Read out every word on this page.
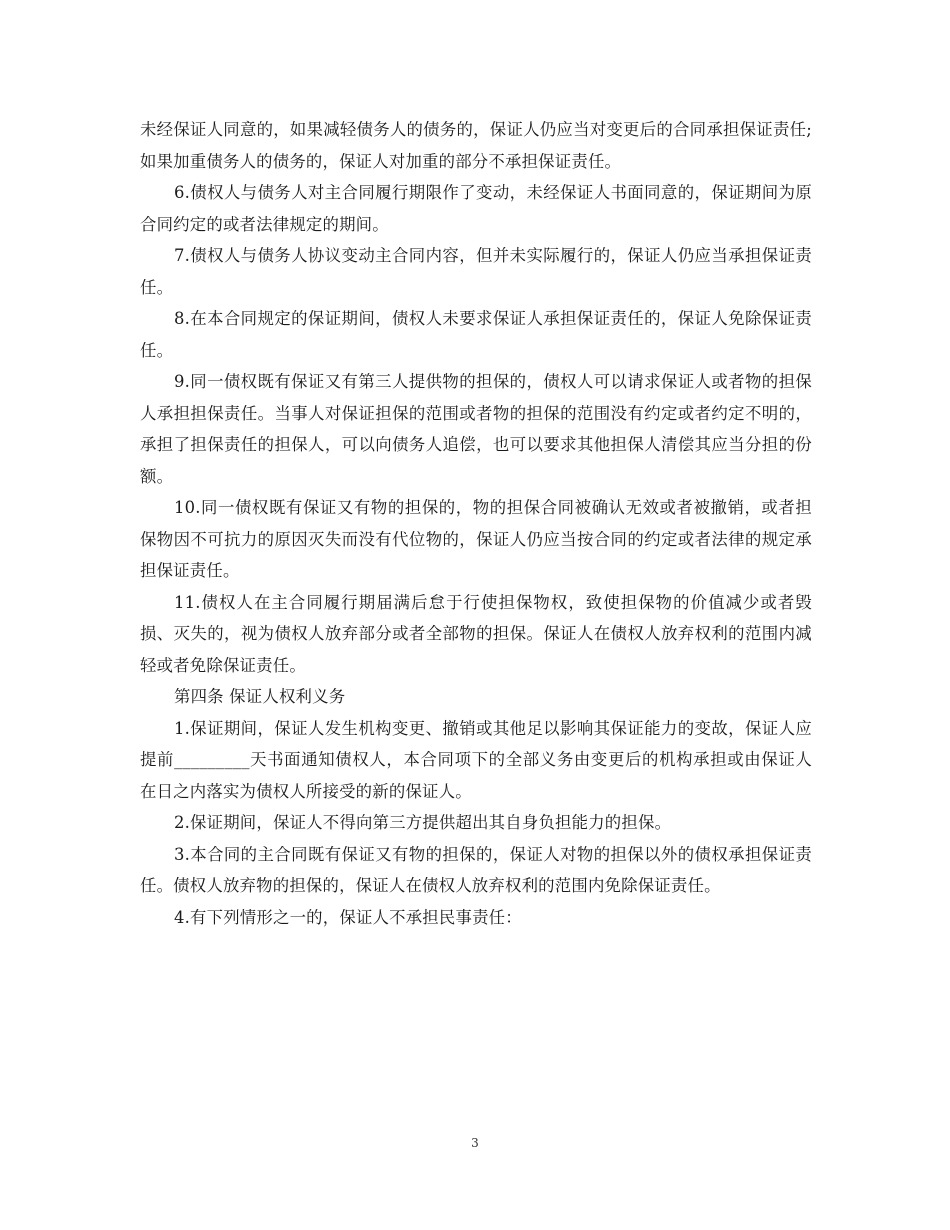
未经保证人同意的，如果减轻债务人的债务的，保证人仍应当对变更后的合同承担保证责任;如果加重债务人的债务的，保证人对加重的部分不承担保证责任。

6.债权人与债务人对主合同履行期限作了变动，未经保证人书面同意的，保证期间为原合同约定的或者法律规定的期间。

7.债权人与债务人协议变动主合同内容，但并未实际履行的，保证人仍应当承担保证责任。

8.在本合同规定的保证期间，债权人未要求保证人承担保证责任的，保证人免除保证责任。

9.同一债权既有保证又有第三人提供物的担保的，债权人可以请求保证人或者物的担保人承担担保责任。当事人对保证担保的范围或者物的担保的范围没有约定或者约定不明的，承担了担保责任的担保人，可以向债务人追偿，也可以要求其他担保人清偿其应当分担的份额。

10.同一债权既有保证又有物的担保的，物的担保合同被确认无效或者被撤销，或者担保物因不可抗力的原因灭失而没有代位物的，保证人仍应当按合同的约定或者法律的规定承担保证责任。

11.债权人在主合同履行期届满后怠于行使担保物权，致使担保物的价值减少或者毁损、灭失的，视为债权人放弃部分或者全部物的担保。保证人在债权人放弃权利的范围内减轻或者免除保证责任。

第四条 保证人权利义务

1.保证期间，保证人发生机构变更、撤销或其他足以影响其保证能力的变故，保证人应提前_________天书面通知债权人，本合同项下的全部义务由变更后的机构承担或由保证人在日之内落实为债权人所接受的新的保证人。

2.保证期间，保证人不得向第三方提供超出其自身负担能力的担保。

3.本合同的主合同既有保证又有物的担保的，保证人对物的担保以外的债权承担保证责任。债权人放弃物的担保的，保证人在债权人放弃权利的范围内免除保证责任。

4.有下列情形之一的，保证人不承担民事责任：

3
